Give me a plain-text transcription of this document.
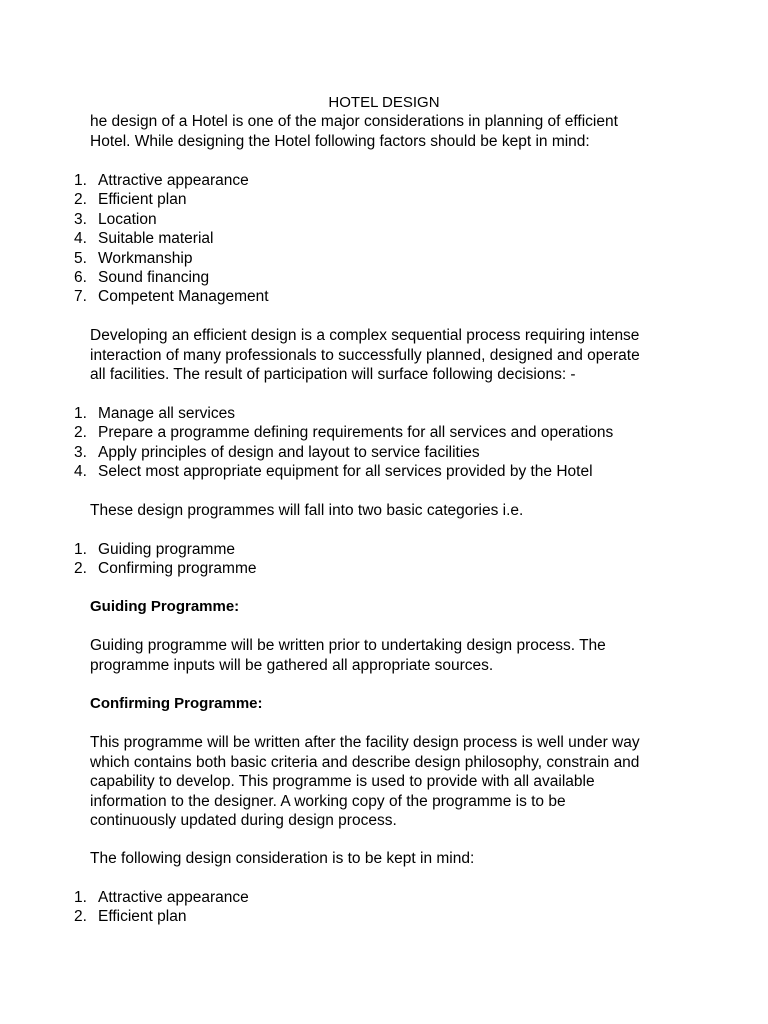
HOTEL DESIGN

he design of a Hotel is one of the major considerations in planning of efficient
Hotel. While designing the Hotel following factors should be kept in mind:

1. Attractive appearance
2. Efficient plan
3. Location
4. Suitable material
5. Workmanship
6. Sound financing
7. Competent Management

Developing an efficient design is a complex sequential process requiring intense
interaction of many professionals to successfully planned, designed and operate
all facilities. The result of participation will surface following decisions: -

1. Manage all services
2. Prepare a programme defining requirements for all services and operations
3. Apply principles of design and layout to service facilities
4. Select most appropriate equipment for all services provided by the Hotel

These design programmes will fall into two basic categories i.e.

1. Guiding programme
2. Confirming programme
Guiding Programme:

Guiding programme will be written prior to undertaking design process. The
programme inputs will be gathered all appropriate sources.

Confirming Programme:

This programme will be written after the facility design process is well under way
which contains both basic criteria and describe design philosophy, constrain and
capability to develop. This programme is used to provide with all available
information to the designer. A working copy of the programme is to be
continuously updated during design process.

The following design consideration is to be kept in mind:

1. Attractive appearance
2. Efficient plan
